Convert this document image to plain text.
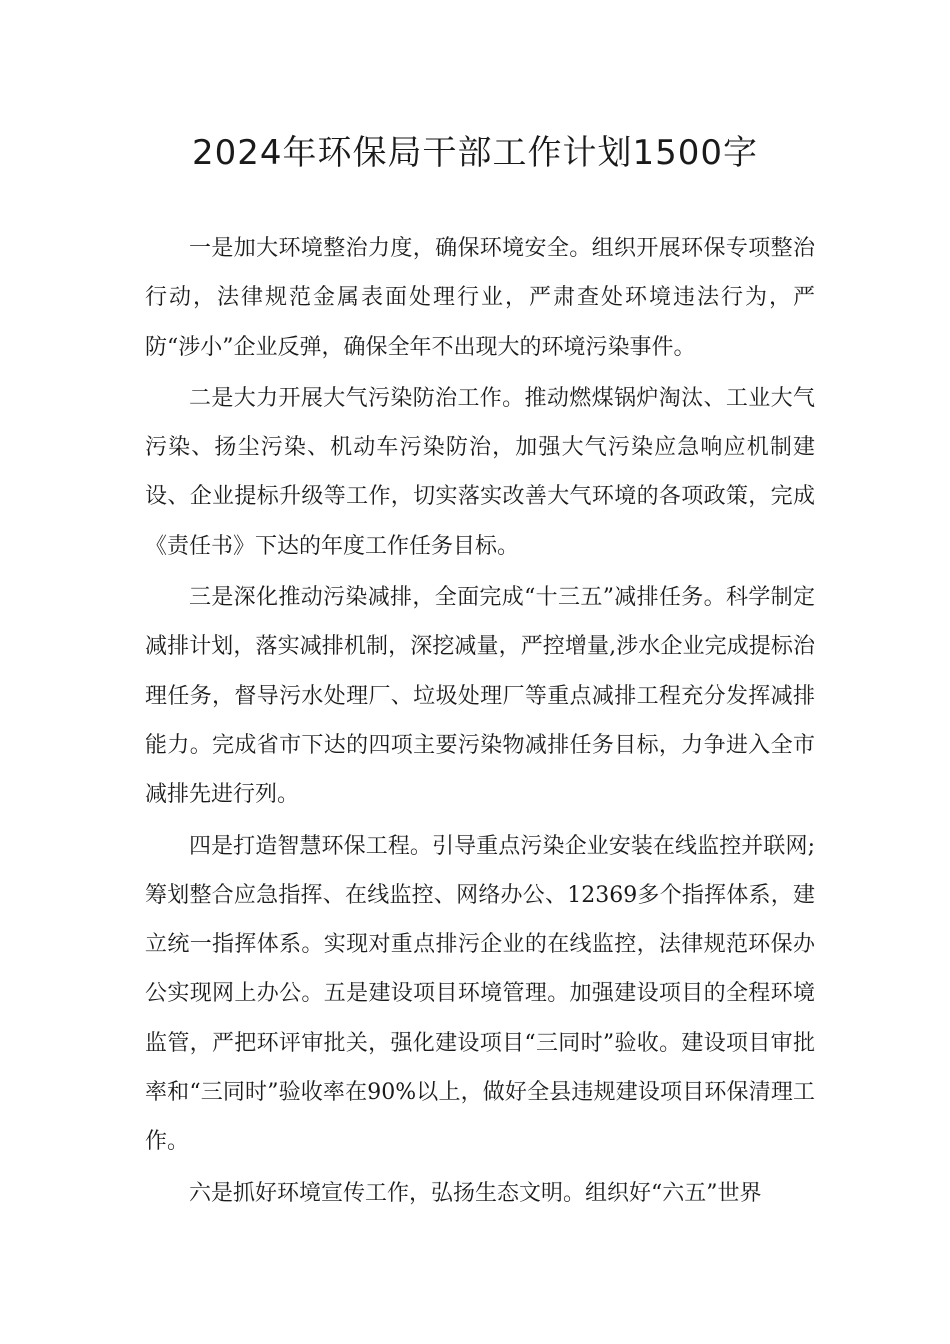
2024年环保局干部工作计划1500字

一是加大环境整治力度，确保环境安全。组织开展环保专项整治行动，法律规范金属表面处理行业，严肃查处环境违法行为，严防“涉小”企业反弹，确保全年不出现大的环境污染事件。

二是大力开展大气污染防治工作。推动燃煤锅炉淘汰、工业大气污染、扬尘污染、机动车污染防治，加强大气污染应急响应机制建设、企业提标升级等工作，切实落实改善大气环境的各项政策，完成《责任书》下达的年度工作任务目标。

三是深化推动污染减排，全面完成“十三五”减排任务。科学制定减排计划，落实减排机制，深挖减量，严控增量,涉水企业完成提标治理任务，督导污水处理厂、垃圾处理厂等重点减排工程充分发挥减排能力。完成省市下达的四项主要污染物减排任务目标，力争进入全市减排先进行列。

四是打造智慧环保工程。引导重点污染企业安装在线监控并联网;筹划整合应急指挥、在线监控、网络办公、12369多个指挥体系，建立统一指挥体系。实现对重点排污企业的在线监控，法律规范环保办公实现网上办公。五是建设项目环境管理。加强建设项目的全程环境监管，严把环评审批关，强化建设项目“三同时”验收。建设项目审批率和“三同时”验收率在90%以上，做好全县违规建设项目环保清理工作。

六是抓好环境宣传工作，弘扬生态文明。组织好“六五”世界
